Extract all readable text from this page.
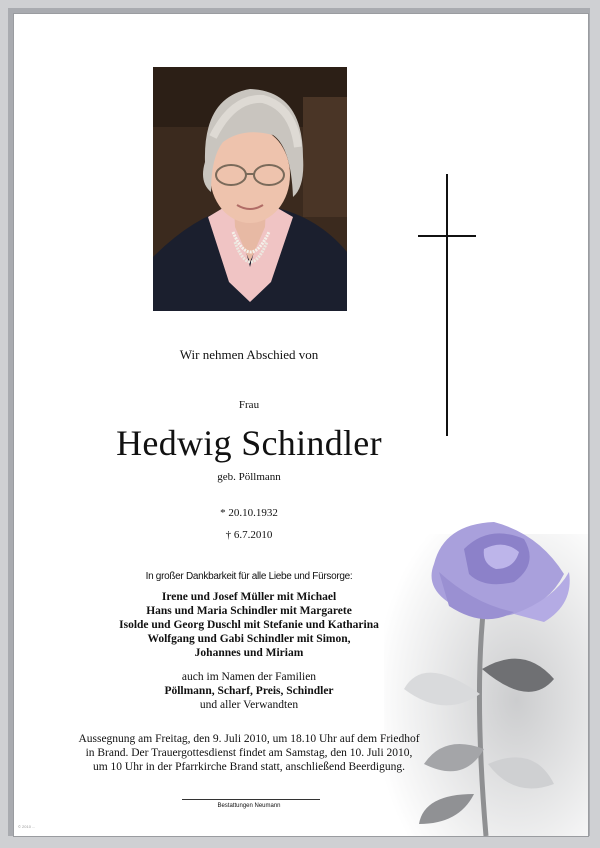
Wir nehmen Abschied von
Frau
Hedwig Schindler
geb. Pöllmann
* 20.10.1932
† 6.7.2010
In großer Dankbarkeit für alle Liebe und Fürsorge:
Irene und Josef Müller mit Michael
Hans und Maria Schindler mit Margarete
Isolde und Georg Duschl mit Stefanie und Katharina
Wolfgang und Gabi Schindler mit Simon,
Johannes und Miriam
auch im Namen der Familien
Pöllmann, Scharf, Preis, Schindler
und aller Verwandten
Aussegnung am Freitag, den 9. Juli 2010, um 18.10 Uhr auf dem Friedhof
in Brand. Der Trauergottesdienst findet am Samstag, den 10. Juli 2010,
um 10 Uhr in der Pfarrkirche Brand statt, anschließend Beerdigung.
Bestattungen Neumann
© 2010 ...
